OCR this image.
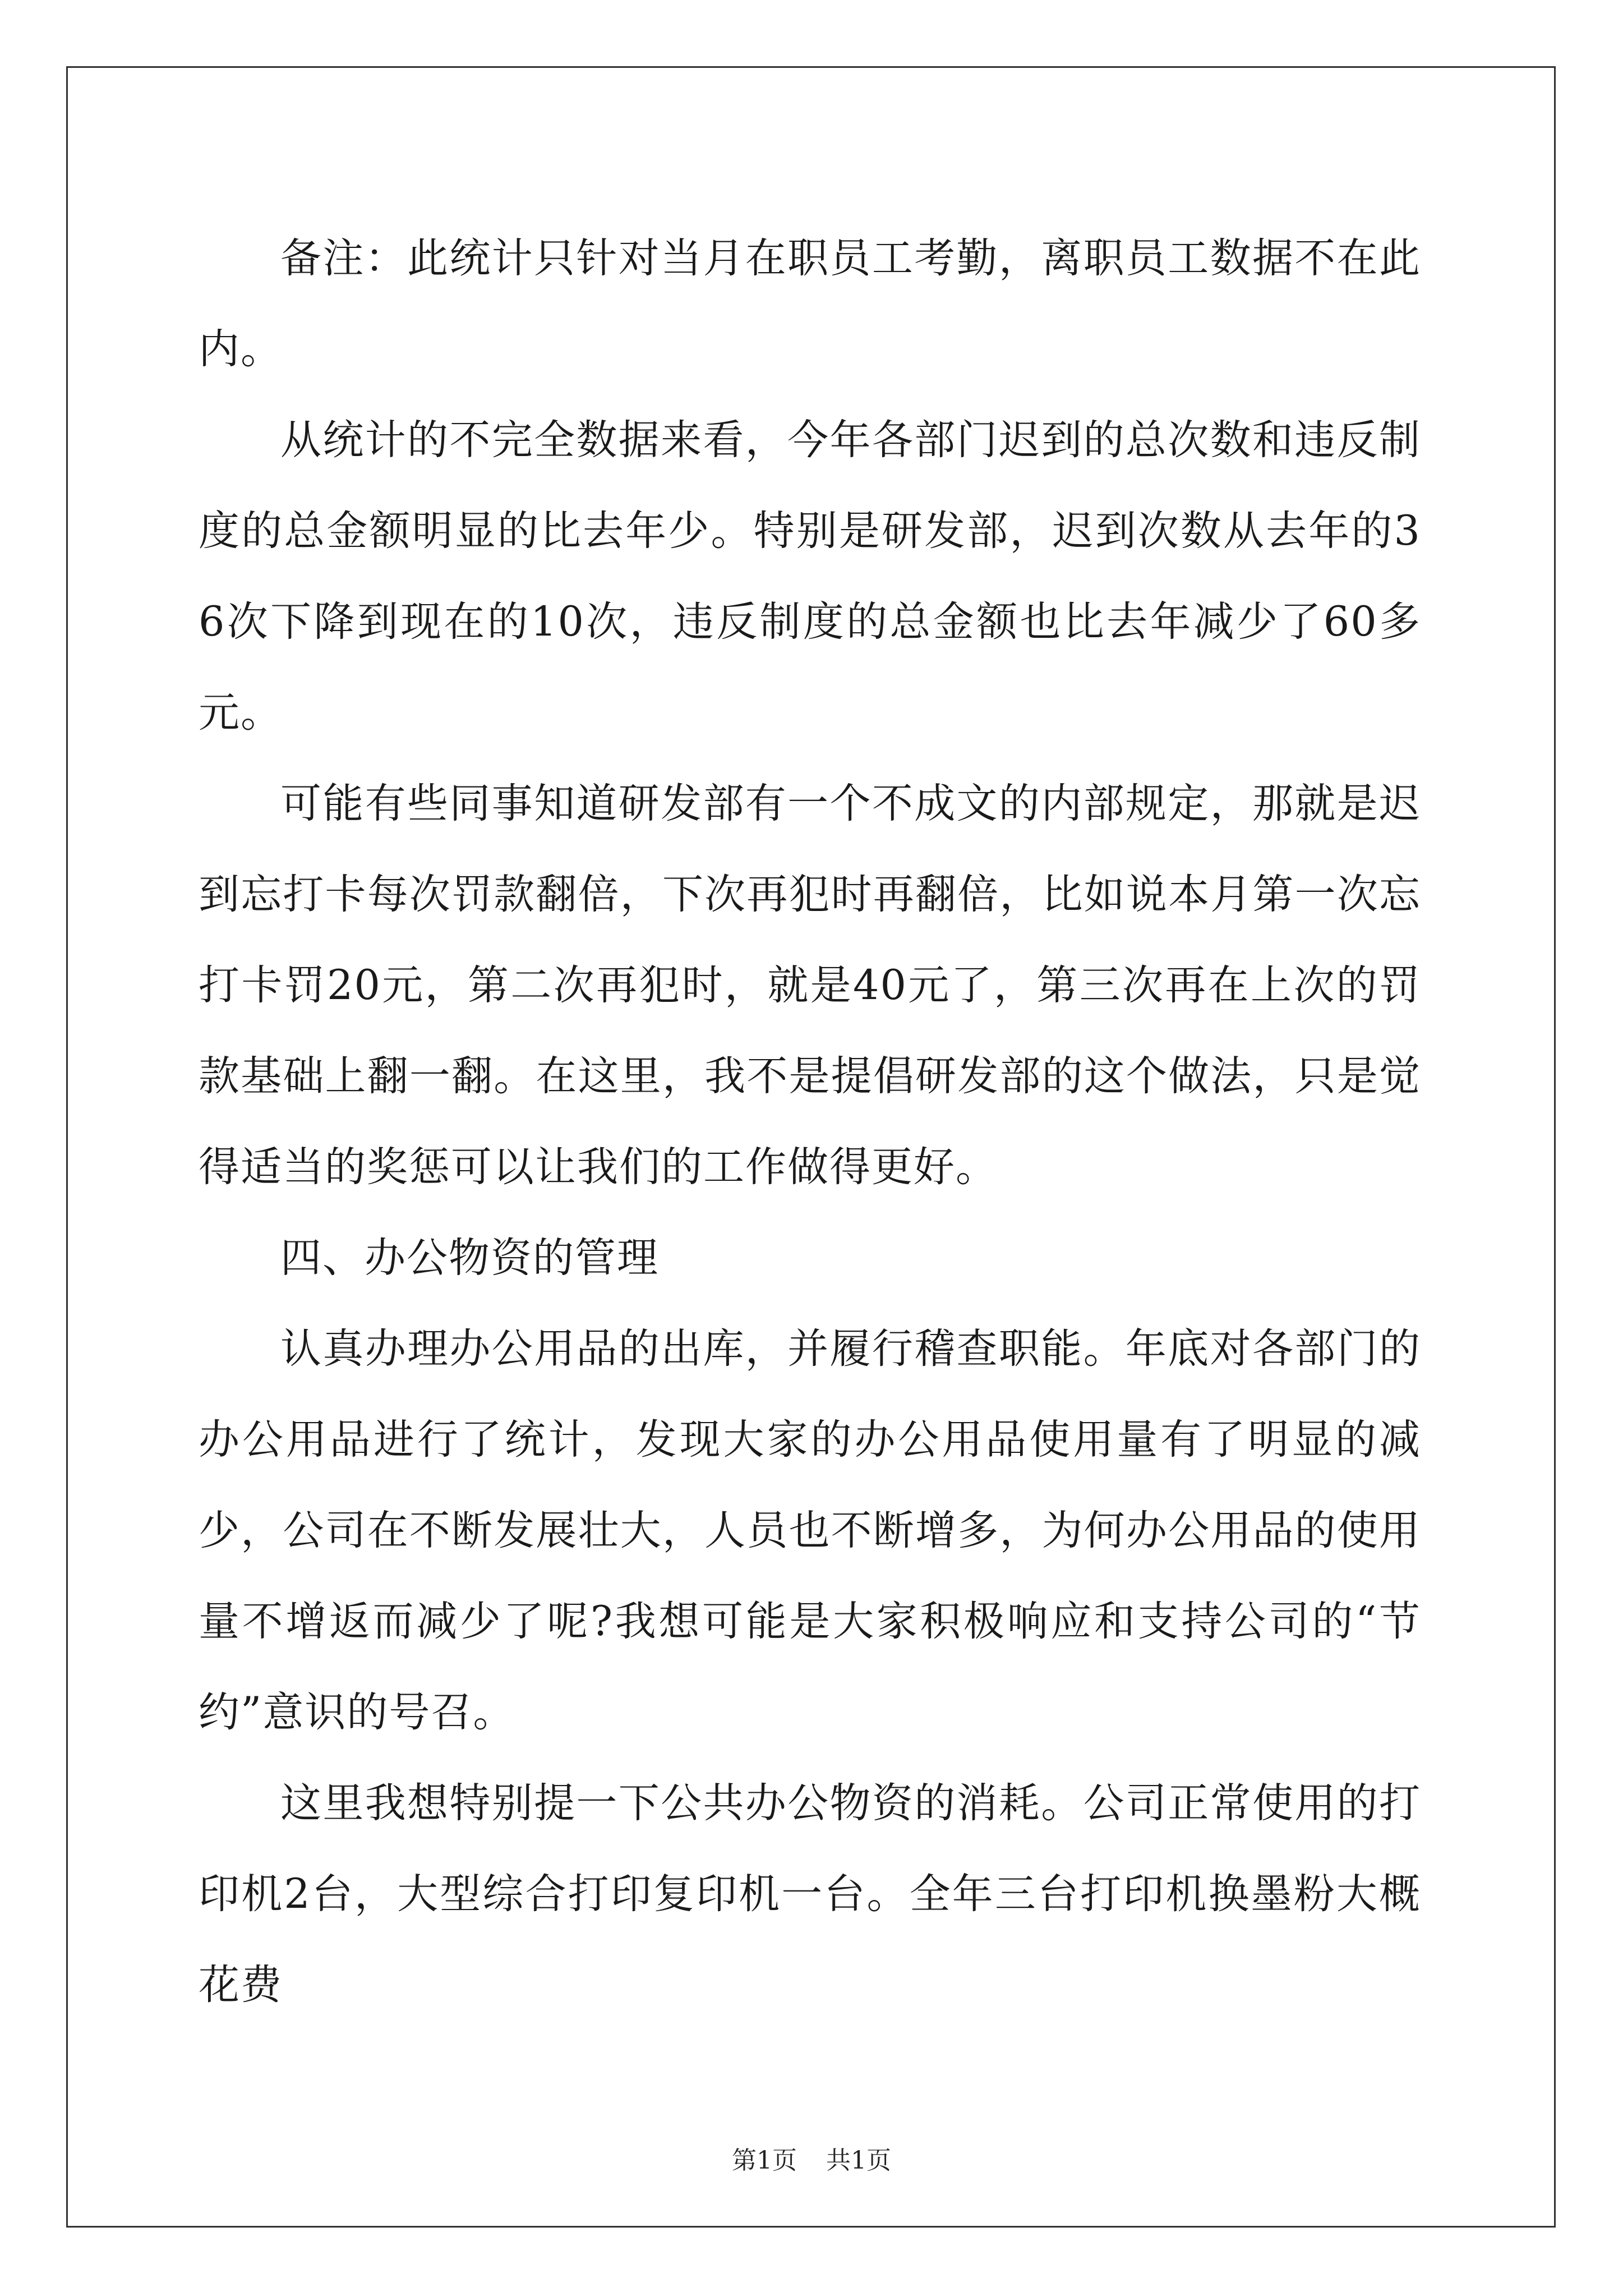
备注：此统计只针对当月在职员工考勤，离职员工数据不在此内。

从统计的不完全数据来看，今年各部门迟到的总次数和违反制度的总金额明显的比去年少。特别是研发部，迟到次数从去年的36次下降到现在的10次，违反制度的总金额也比去年减少了60多元。

可能有些同事知道研发部有一个不成文的内部规定，那就是迟到忘打卡每次罚款翻倍，下次再犯时再翻倍，比如说本月第一次忘打卡罚20元，第二次再犯时，就是40元了，第三次再在上次的罚款基础上翻一翻。在这里，我不是提倡研发部的这个做法，只是觉得适当的奖惩可以让我们的工作做得更好。

四、办公物资的管理

认真办理办公用品的出库，并履行稽查职能。年底对各部门的办公用品进行了统计，发现大家的办公用品使用量有了明显的减少，公司在不断发展壮大，人员也不断增多，为何办公用品的使用量不增返而减少了呢?我想可能是大家积极响应和支持公司的“节约”意识的号召。

这里我想特别提一下公共办公物资的消耗。公司正常使用的打印机2台，大型综合打印复印机一台。全年三台打印机换墨粉大概花费

第1页 共1页
